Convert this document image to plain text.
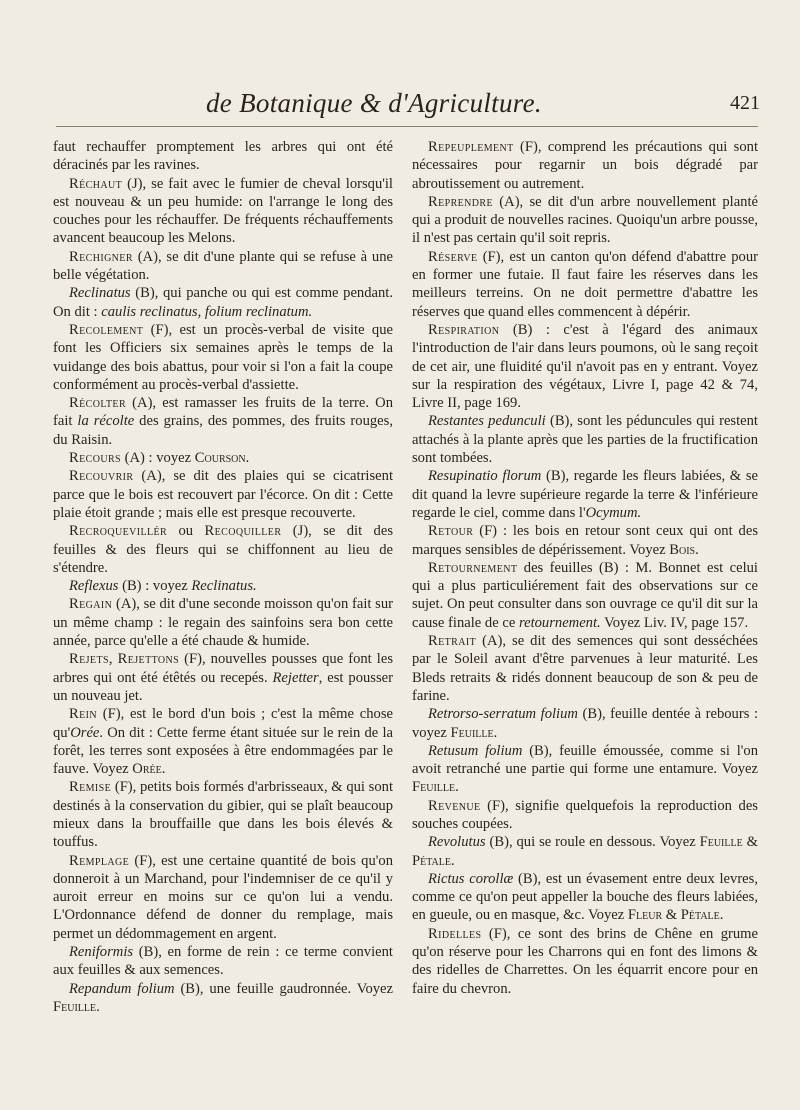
de Botanique & d'Agriculture.	421

faut rechauffer promptement les arbres qui ont été déracinés par les ravines.

Réchaut (J), se fait avec le fumier de cheval lorsqu'il est nouveau & un peu humide: on l'arrange le long des couches pour les réchauffer. De fréquents réchauffements avancent beaucoup les Melons.

Rechigner (A), se dit d'une plante qui se refuse à une belle végétation.

Reclinatus (B), qui panche ou qui est comme pendant. On dit : caulis reclinatus, folium reclinatum.

Recolement (F), est un procès-verbal de visite que font les Officiers six semaines après le temps de la vuidange des bois abattus, pour voir si l'on a fait la coupe conformément au procès-verbal d'assiette.

Récolter (A), est ramasser les fruits de la terre. On fait la récolte des grains, des pommes, des fruits rouges, du Raisin.

Recours (A) : voyez Courson.

Recouvrir (A), se dit des plaies qui se cicatrisent parce que le bois est recouvert par l'écorce. On dit : Cette plaie étoit grande ; mais elle est presque recouverte.

Recroquevillér ou Recoquiller (J), se dit des feuilles & des fleurs qui se chiffonnent au lieu de s'étendre.

Reflexus (B) : voyez Reclinatus.

Regain (A), se dit d'une seconde moisson qu'on fait sur un même champ : le regain des sainfoins sera bon cette année, parce qu'elle a été chaude & humide.

Rejets, Rejettons (F), nouvelles pousses que font les arbres qui ont été étêtés ou recepés. Rejetter, est pousser un nouveau jet.

Rein (F), est le bord d'un bois ; c'est la même chose qu'Orée. On dit : Cette ferme étant située sur le rein de la forêt, les terres sont exposées à être endommagées par le fauve. Voyez Orée.

Remise (F), petits bois formés d'arbrisseaux, & qui sont destinés à la conservation du gibier, qui se plaît beaucoup mieux dans la brouffaille que dans les bois élevés & touffus.

Remplage (F), est une certaine quantité de bois qu'on donneroit à un Marchand, pour l'indemniser de ce qu'il y auroit erreur en moins sur ce qu'on lui a vendu. L'Ordonnance défend de donner du remplage, mais permet un dédommagement en argent.

Reniformis (B), en forme de rein : ce terme convient aux feuilles & aux semences.

Repandum folium (B), une feuille gaudronnée. Voyez Feuille.

Repeuplement (F), comprend les précautions qui sont nécessaires pour regarnir un bois dégradé par abroutissement ou autrement.

Reprendre (A), se dit d'un arbre nouvellement planté qui a produit de nouvelles racines. Quoiqu'un arbre pousse, il n'est pas certain qu'il soit repris.

Réserve (F), est un canton qu'on défend d'abattre pour en former une futaie. Il faut faire les réserves dans les meilleurs terreins. On ne doit permettre d'abattre les réserves que quand elles commencent à dépérir.

Respiration (B) : c'est à l'égard des animaux l'introduction de l'air dans leurs poumons, où le sang reçoit de cet air, une fluidité qu'il n'avoit pas en y entrant. Voyez sur la respiration des végétaux, Livre I, page 42 & 74, Livre II, page 169.

Restantes pedunculi (B), sont les péduncules qui restent attachés à la plante après que les parties de la fructification sont tombées.

Resupinatio florum (B), regarde les fleurs labiées, & se dit quand la levre supérieure regarde la terre & l'inférieure regarde le ciel, comme dans l'Ocymum.

Retour (F) : les bois en retour sont ceux qui ont des marques sensibles de dépérissement. Voyez Bois.

Retournement des feuilles (B) : M. Bonnet est celui qui a plus particuliérement fait des observations sur ce sujet. On peut consulter dans son ouvrage ce qu'il dit sur la cause finale de ce retournement. Voyez Liv. IV, page 157.

Retrait (A), se dit des semences qui sont desséchées par le Soleil avant d'être parvenues à leur maturité. Les Bleds retraits & ridés donnent beaucoup de son & peu de farine.

Retrorso-serratum folium (B), feuille dentée à rebours : voyez Feuille.

Retusum folium (B), feuille émoussée, comme si l'on avoit retranché une partie qui forme une entamure. Voyez Feuille.

Revenue (F), signifie quelquefois la reproduction des souches coupées.

Revolutus (B), qui se roule en dessous. Voyez Feuille & Pétale.

Rictus corollæ (B), est un évasement entre deux levres, comme ce qu'on peut appeller la bouche des fleurs labiées, en gueule, ou en masque, &c. Voyez Fleur & Pétale.

Ridelles (F), ce sont des brins de Chêne en grume qu'on réserve pour les Charrons qui en font des limons & des ridelles de Charrettes. On les équarrit encore pour en faire du chevron.
